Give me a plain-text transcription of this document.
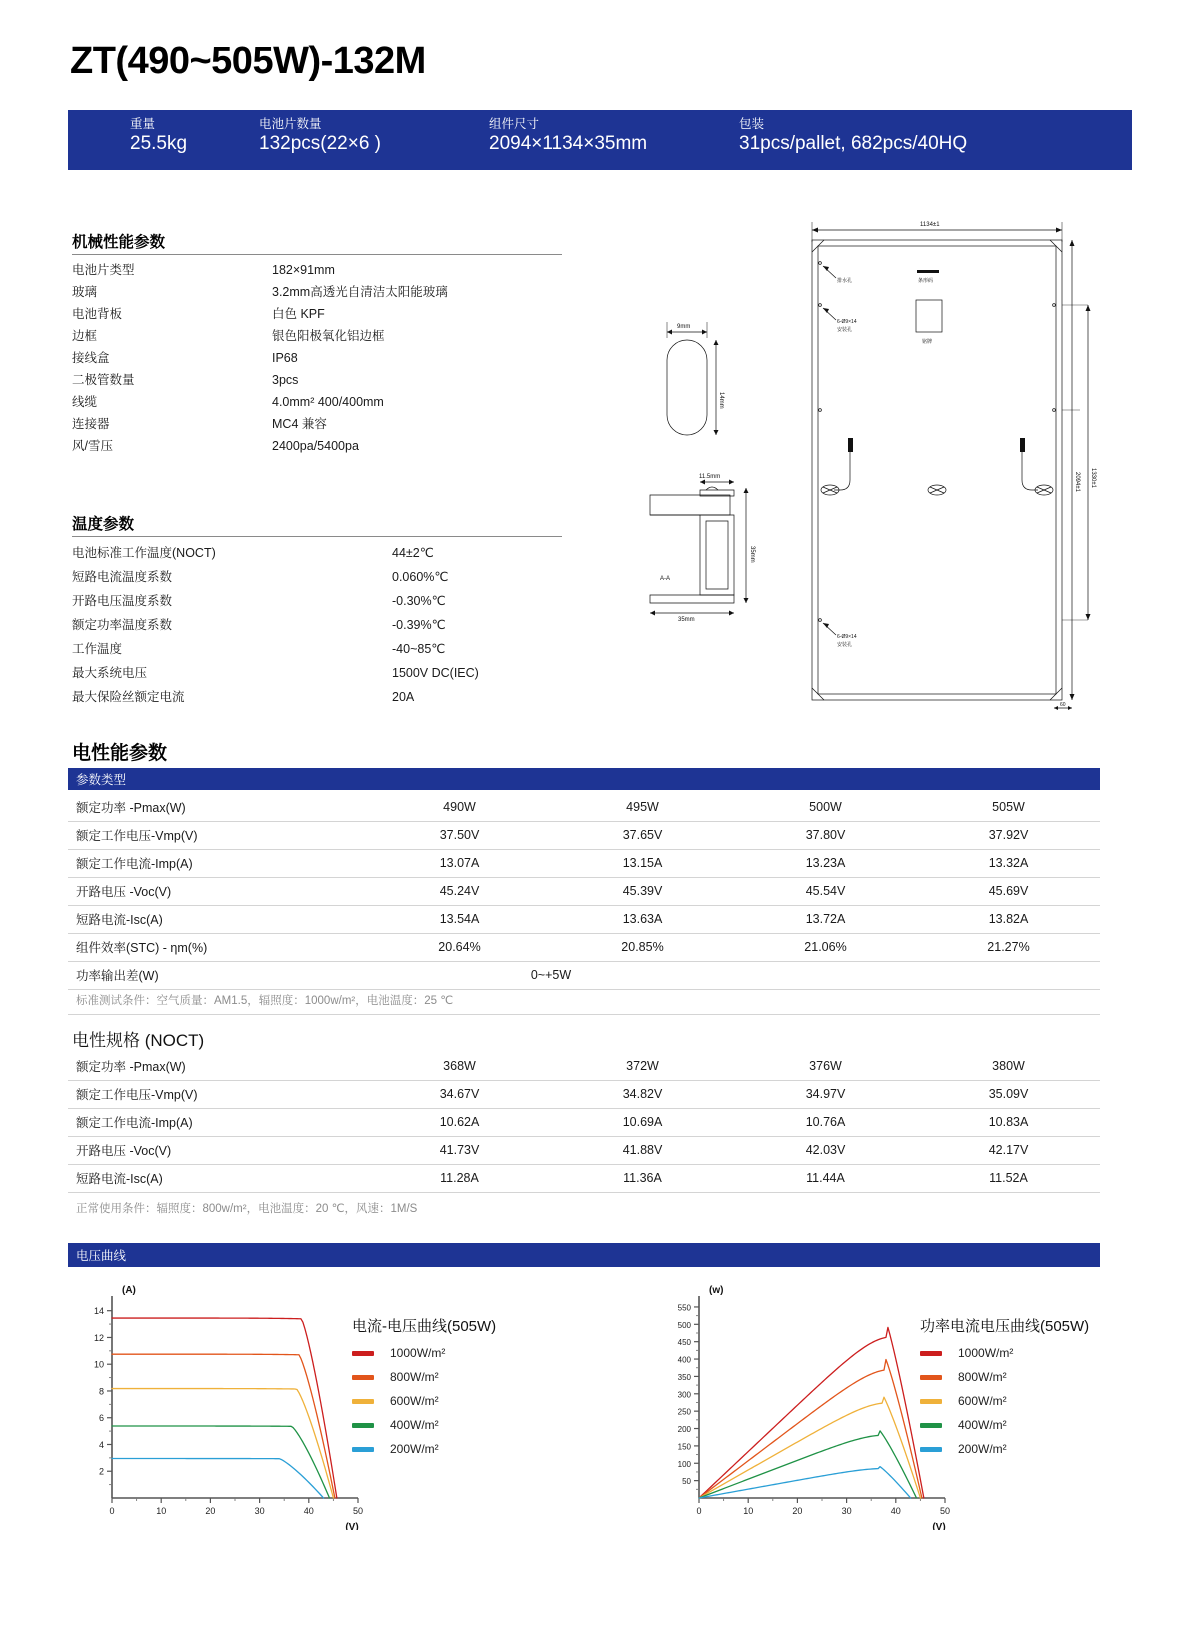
ZT(490~505W)-132M
重量
25.5kg
电池片数量
132pcs(22×6 )
组件尺寸
2094×1134×35mm
包装
31pcs/pallet, 682pcs/40HQ
机械性能参数
电池片类型	182×91mm
玻璃	3.2mm高透光自清洁太阳能玻璃
电池背板	白色 KPF
边框	银色阳极氧化铝边框
接线盒	IP68
二极管数量	3pcs
线缆	4.0mm² 400/400mm
连接器	MC4 兼容
风/雪压	2400pa/5400pa
温度参数
电池标准工作温度(NOCT)	44±2℃
短路电流温度系数	0.060%℃
开路电压温度系数	-0.30%℃
额定功率温度系数	-0.39%℃
工作温度	-40~85℃
最大系统电压	1500V DC(IEC)
最大保险丝额定电流	20A
9mm
14mm
11.5mm
35mm
35mm
A-A
1134±1
条形码
铭牌
排水孔
6-Ø9×14
安装孔
6-Ø9×14
安装孔
2094±1 1330±1
60
电性能参数
参数类型
额定功率 -Pmax(W)	490W	495W	500W	505W
额定工作电压-Vmp(V)	37.50V	37.65V	37.80V	37.92V
额定工作电流-Imp(A)	13.07A	13.15A	13.23A	13.32A
开路电压 -Voc(V)	45.24V	45.39V	45.54V	45.69V
短路电流-Isc(A)	13.54A	13.63A	13.72A	13.82A
组件效率(STC) - ηm(%)	20.64%	20.85%	21.06%	21.27%
功率输出差(W)	0~+5W			
标准测试条件：空气质量：AM1.5，辐照度：1000w/m²，电池温度：25 ℃
电性规格 (NOCT)
额定功率 -Pmax(W)	368W	372W	376W	380W
额定工作电压-Vmp(V)	34.67V	34.82V	34.97V	35.09V
额定工作电流-Imp(A)	10.62A	10.69A	10.76A	10.83A
开路电压 -Voc(V)	41.73V	41.88V	42.03V	42.17V
短路电流-Isc(A)	11.28A	11.36A	11.44A	11.52A
正常使用条件：辐照度：800w/m²，电池温度：20 ℃，风速：1M/S
电压曲线
2
4
6
8
10
12
14
0	10	20	30	40	50
(A)
(V)
电流-电压曲线(505W)
1000W/m²
800W/m²
600W/m²
400W/m²
200W/m²
50
100
150
200
250
300
350
400
450
500
550
0	10	20	30	40	50
(w)
(V)
功率电流电压曲线(505W)
1000W/m²
800W/m²
600W/m²
400W/m²
200W/m²
